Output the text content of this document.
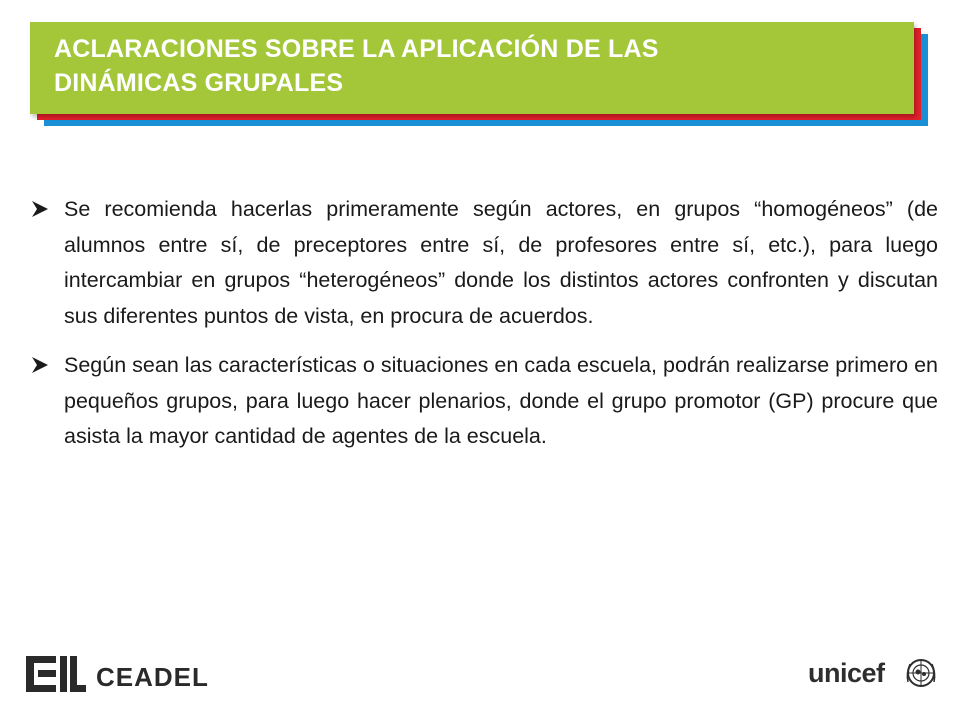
ACLARACIONES SOBRE LA APLICACIÓN DE LAS
DINÁMICAS GRUPALES
Se recomienda hacerlas primeramente según actores, en grupos “homogéneos” (de alumnos entre sí, de preceptores entre sí, de profesores entre sí, etc.), para luego intercambiar en grupos “heterogéneos” donde los distintos actores confronten y discutan sus diferentes puntos de vista, en procura de acuerdos.
Según sean las características o situaciones en cada escuela, podrán realizarse primero en pequeños grupos, para luego hacer plenarios, donde el grupo promotor (GP) procure que asista la mayor cantidad de agentes de la escuela.
CEADEL	unicef
